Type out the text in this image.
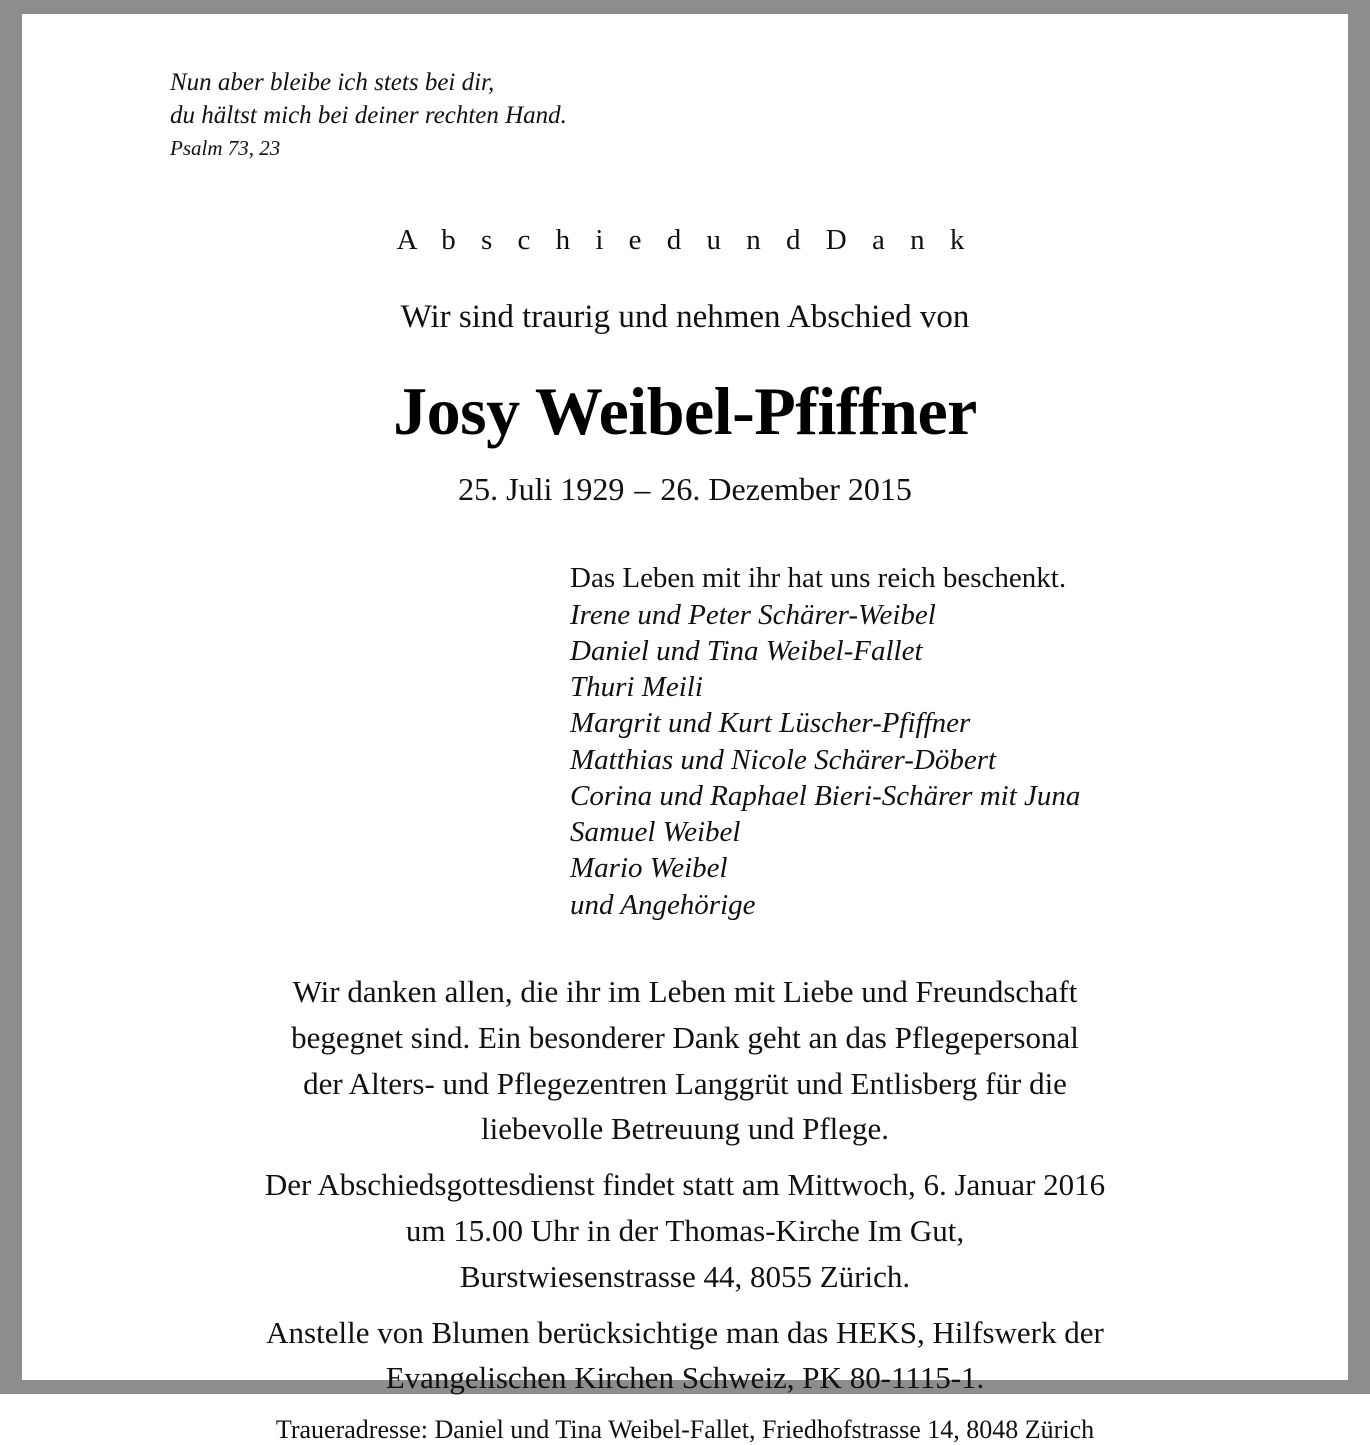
Nun aber bleibe ich stets bei dir,
du hältst mich bei deiner rechten Hand.
Psalm 73, 23
A b s c h i e d u n d D a n k
Wir sind traurig und nehmen Abschied von
Josy Weibel-Pfiffner
25. Juli 1929 – 26. Dezember 2015
Das Leben mit ihr hat uns reich beschenkt.
Irene und Peter Schärer-Weibel
Daniel und Tina Weibel-Fallet
Thuri Meili
Margrit und Kurt Lüscher-Pfiffner
Matthias und Nicole Schärer-Döbert
Corina und Raphael Bieri-Schärer mit Juna
Samuel Weibel
Mario Weibel
und Angehörige

Wir danken allen, die ihr im Leben mit Liebe und Freundschaft

begegnet sind. Ein besonderer Dank geht an das Pflegepersonal

der Alters- und Pflegezentren Langgrüt und Entlisberg für die

liebevolle Betreuung und Pflege.

Der Abschiedsgottesdienst findet statt am Mittwoch, 6. Januar 2016

um 15.00 Uhr in der Thomas-Kirche Im Gut,

Burstwiesenstrasse 44, 8055 Zürich.

Anstelle von Blumen berücksichtige man das HEKS, Hilfswerk der

Evangelischen Kirchen Schweiz, PK 80-1115-1.

Traueradresse: Daniel und Tina Weibel-Fallet, Friedhofstrasse 14, 8048 Zürich
